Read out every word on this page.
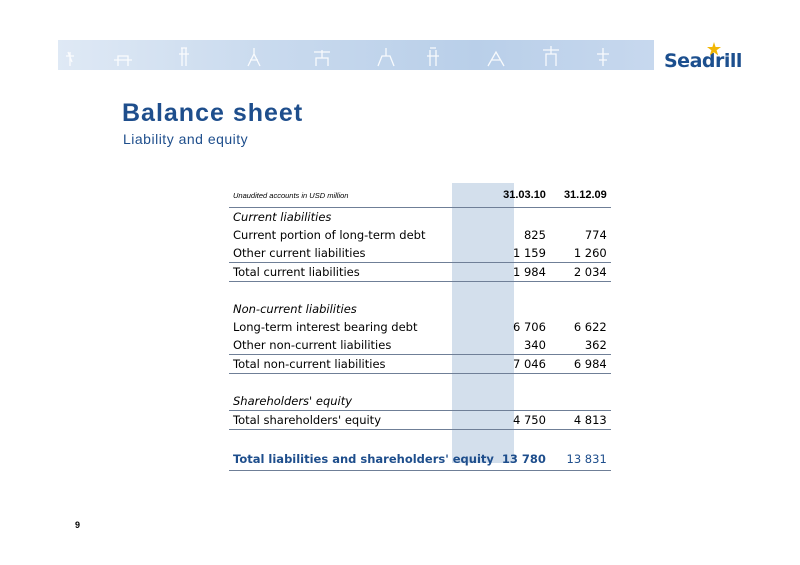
Seadrill
Balance sheet

Liability and equity

Unaudited accounts in USD million	31.03.10	31.12.09
Current liabilities		
Current portion of long-term debt	825	774
Other current liabilities	1 159	1 260
Total current liabilities	1 984	2 034

Non-current liabilities		
Long-term interest bearing debt	6 706	6 622
Other non-current liabilities	340	362
Total non-current liabilities	7 046	6 984

Shareholders' equity		
Total shareholders' equity	4 750	4 813

Total liabilities and shareholders' equity	13 780	13 831
9
